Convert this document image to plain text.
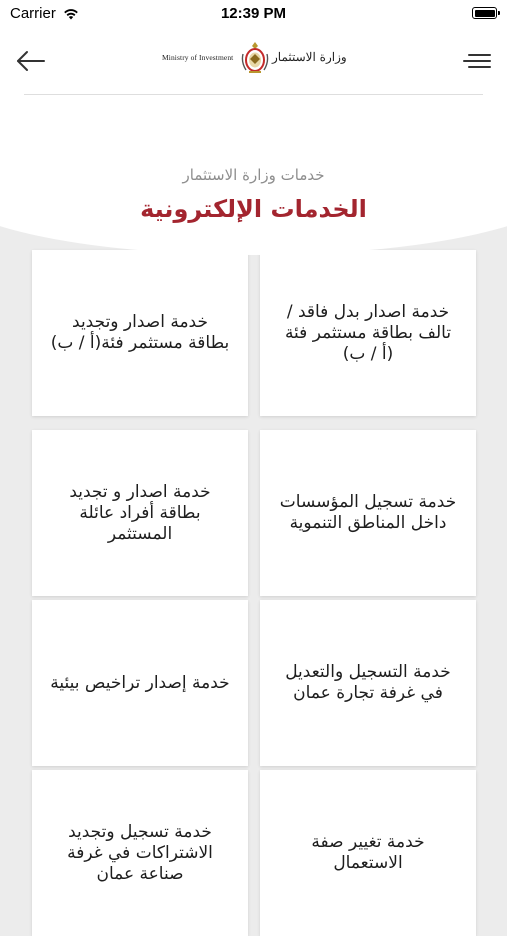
Carrier	12:39 PM
Ministry of Investment	وزارة الاستثمار
خدمات وزارة الاستثمار
الخدمات الإلكترونية
خدمة اصدار بدل فاقد / تالف بطاقة مستثمر فئة (أ / ب)
خدمة اصدار وتجديد بطاقة مستثمر فئة(أ / ب)
خدمة تسجيل المؤسسات داخل المناطق التنموية
خدمة اصدار و تجديد بطاقة أفراد عائلة المستثمر
خدمة التسجيل والتعديل في غرفة تجارة عمان
خدمة إصدار تراخيص بيئية
خدمة تغيير صفة الاستعمال
خدمة تسجيل وتجديد الاشتراكات في غرفة صناعة عمان
